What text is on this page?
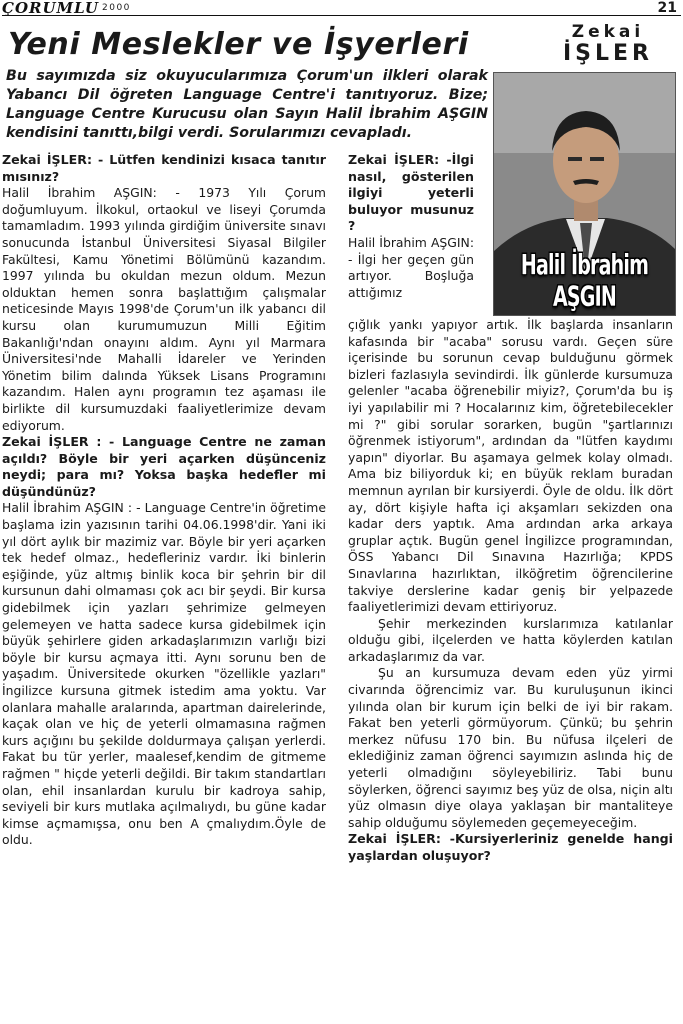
ÇORUMLU 2000	21
Yeni Meslekler ve İşyerleri	Zekai
İŞLER

Bu sayımızda siz okuyucularımıza Çorum'un ilkleri olarak Yabancı Dil öğreten Language Centre'i tanıtıyoruz. Bize; Language Centre Kurucusu olan Sayın Halil İbrahim AŞGIN kendisini tanıttı,bilgi verdi. Sorularımızı cevapladı.

Halil İbrahim AŞGIN

Zekai İŞLER: - Lütfen kendinizi kısaca tanıtır mısınız?

Halil İbrahim AŞGIN: - 1973 Yılı Çorum doğumluyum. İlkokul, ortaokul ve liseyi Çorumda tamamladım. 1993 yılında girdiğim üniversite sınavı sonucunda İstanbul Üniversitesi Siyasal Bilgiler Fakültesi, Kamu Yönetimi Bölümünü kazandım. 1997 yılında bu okuldan mezun oldum. Mezun olduktan hemen sonra başlattığım çalışmalar neticesinde Mayıs 1998'de Çorum'un ilk yabancı dil kursu olan kurumumuzun Milli Eğitim Bakanlığı'ndan onayını aldım. Aynı yıl Marmara Üniversitesi'nde Mahalli İdareler ve Yerinden Yönetim bilim dalında Yüksek Lisans Programını kazandım. Halen aynı programın tez aşaması ile birlikte dil kursumuzdaki faaliyetlerimize devam ediyorum.

Zekai İŞLER : - Language Centre ne zaman açıldı? Böyle bir yeri açarken düşünceniz neydi; para mı? Yoksa başka hedefler mi düşündünüz?

Halil İbrahim AŞGIN : - Language Centre'in öğretime başlama izin yazısının tarihi 04.06.1998'dir. Yani iki yıl dört aylık bir mazimiz var. Böyle bir yeri açarken tek hedef olmaz., hedefleriniz vardır. İki binlerin eşiğinde, yüz altmış binlik koca bir şehrin bir dil kursunun dahi olmaması çok acı bir şeydi. Bir kursa gidebilmek için yazları şehrimize gelmeyen gelemeyen ve hatta sadece kursa gidebilmek için büyük şehirlere giden arkadaşlarımızın varlığı bizi böyle bir kursu açmaya itti. Aynı sorunu ben de yaşadım. Üniversitede okurken "özellikle yazları" İngilizce kursuna gitmek istedim ama yoktu. Var olanlara mahalle aralarında, apartman dairelerinde, kaçak olan ve hiç de yeterli olmamasına rağmen kurs açığını bu şekilde doldurmaya çalışan yerlerdi. Fakat bu tür yerler, maalesef,kendim de gitmeme rağmen " hiçde yeterli değildi. Bir takım standartları olan, ehil insanlardan kurulu bir kadroya sahip, seviyeli bir kurs mutlaka açılmalıydı, bu güne kadar kimse açmamışsa, onu ben A çmalıydım.Öyle de oldu.

Zekai İŞLER: -İlgi nasıl, gösterilen ilgiyi yeterli buluyor musunuz ?

Halil İbrahim AŞGIN: - İlgi her geçen gün artıyor. Boşluğa attığımız

çığlık yankı yapıyor artık. İlk başlarda insanların kafasında bir "acaba" sorusu vardı. Geçen süre içerisinde bu sorunun cevap bulduğunu görmek bizleri fazlasıyla sevindirdi. İlk günlerde kursumuza gelenler "acaba öğrenebilir miyiz?, Çorum'da bu iş iyi yapılabilir mi ? Hocalarınız kim, öğretebilecekler mi ?" gibi sorular sorarken, bugün "şartlarınızı öğrenmek istiyorum", ardından da "lütfen kaydımı yapın" diyorlar. Bu aşamaya gelmek kolay olmadı. Ama biz biliyorduk ki; en büyük reklam buradan memnun ayrılan bir kursiyerdi. Öyle de oldu. İlk dört ay, dört kişiyle hafta içi akşamları sekizden ona kadar ders yaptık. Ama ardından arka arkaya gruplar açtık. Bugün genel İngilizce programından, ÖSS Yabancı Dil Sınavına Hazırlığa; KPDS Sınavlarına hazırlıktan, ilköğretim öğrencilerine takviye derslerine kadar geniş bir yelpazede faaliyetlerimizi devam ettiriyoruz.

Şehir merkezinden kurslarımıza katılanlar olduğu gibi, ilçelerden ve hatta köylerden katılan arkadaşlarımız da var.

Şu an kursumuza devam eden yüz yirmi civarında öğrencimiz var. Bu kuruluşunun ikinci yılında olan bir kurum için belki de iyi bir rakam. Fakat ben yeterli görmüyorum. Çünkü; bu şehrin merkez nüfusu 170 bin. Bu nüfusa ilçeleri de eklediğiniz zaman öğrenci sayımızın aslında hiç de yeterli olmadığını söyleyebiliriz. Tabi bunu söylerken, öğrenci sayımız beş yüz de olsa, niçin altı yüz olmasın diye olaya yaklaşan bir mantaliteye sahip olduğumu söylemeden geçemeyeceğim.

Zekai İŞLER: -Kursiyerleriniz genelde hangi yaşlardan oluşuyor?
